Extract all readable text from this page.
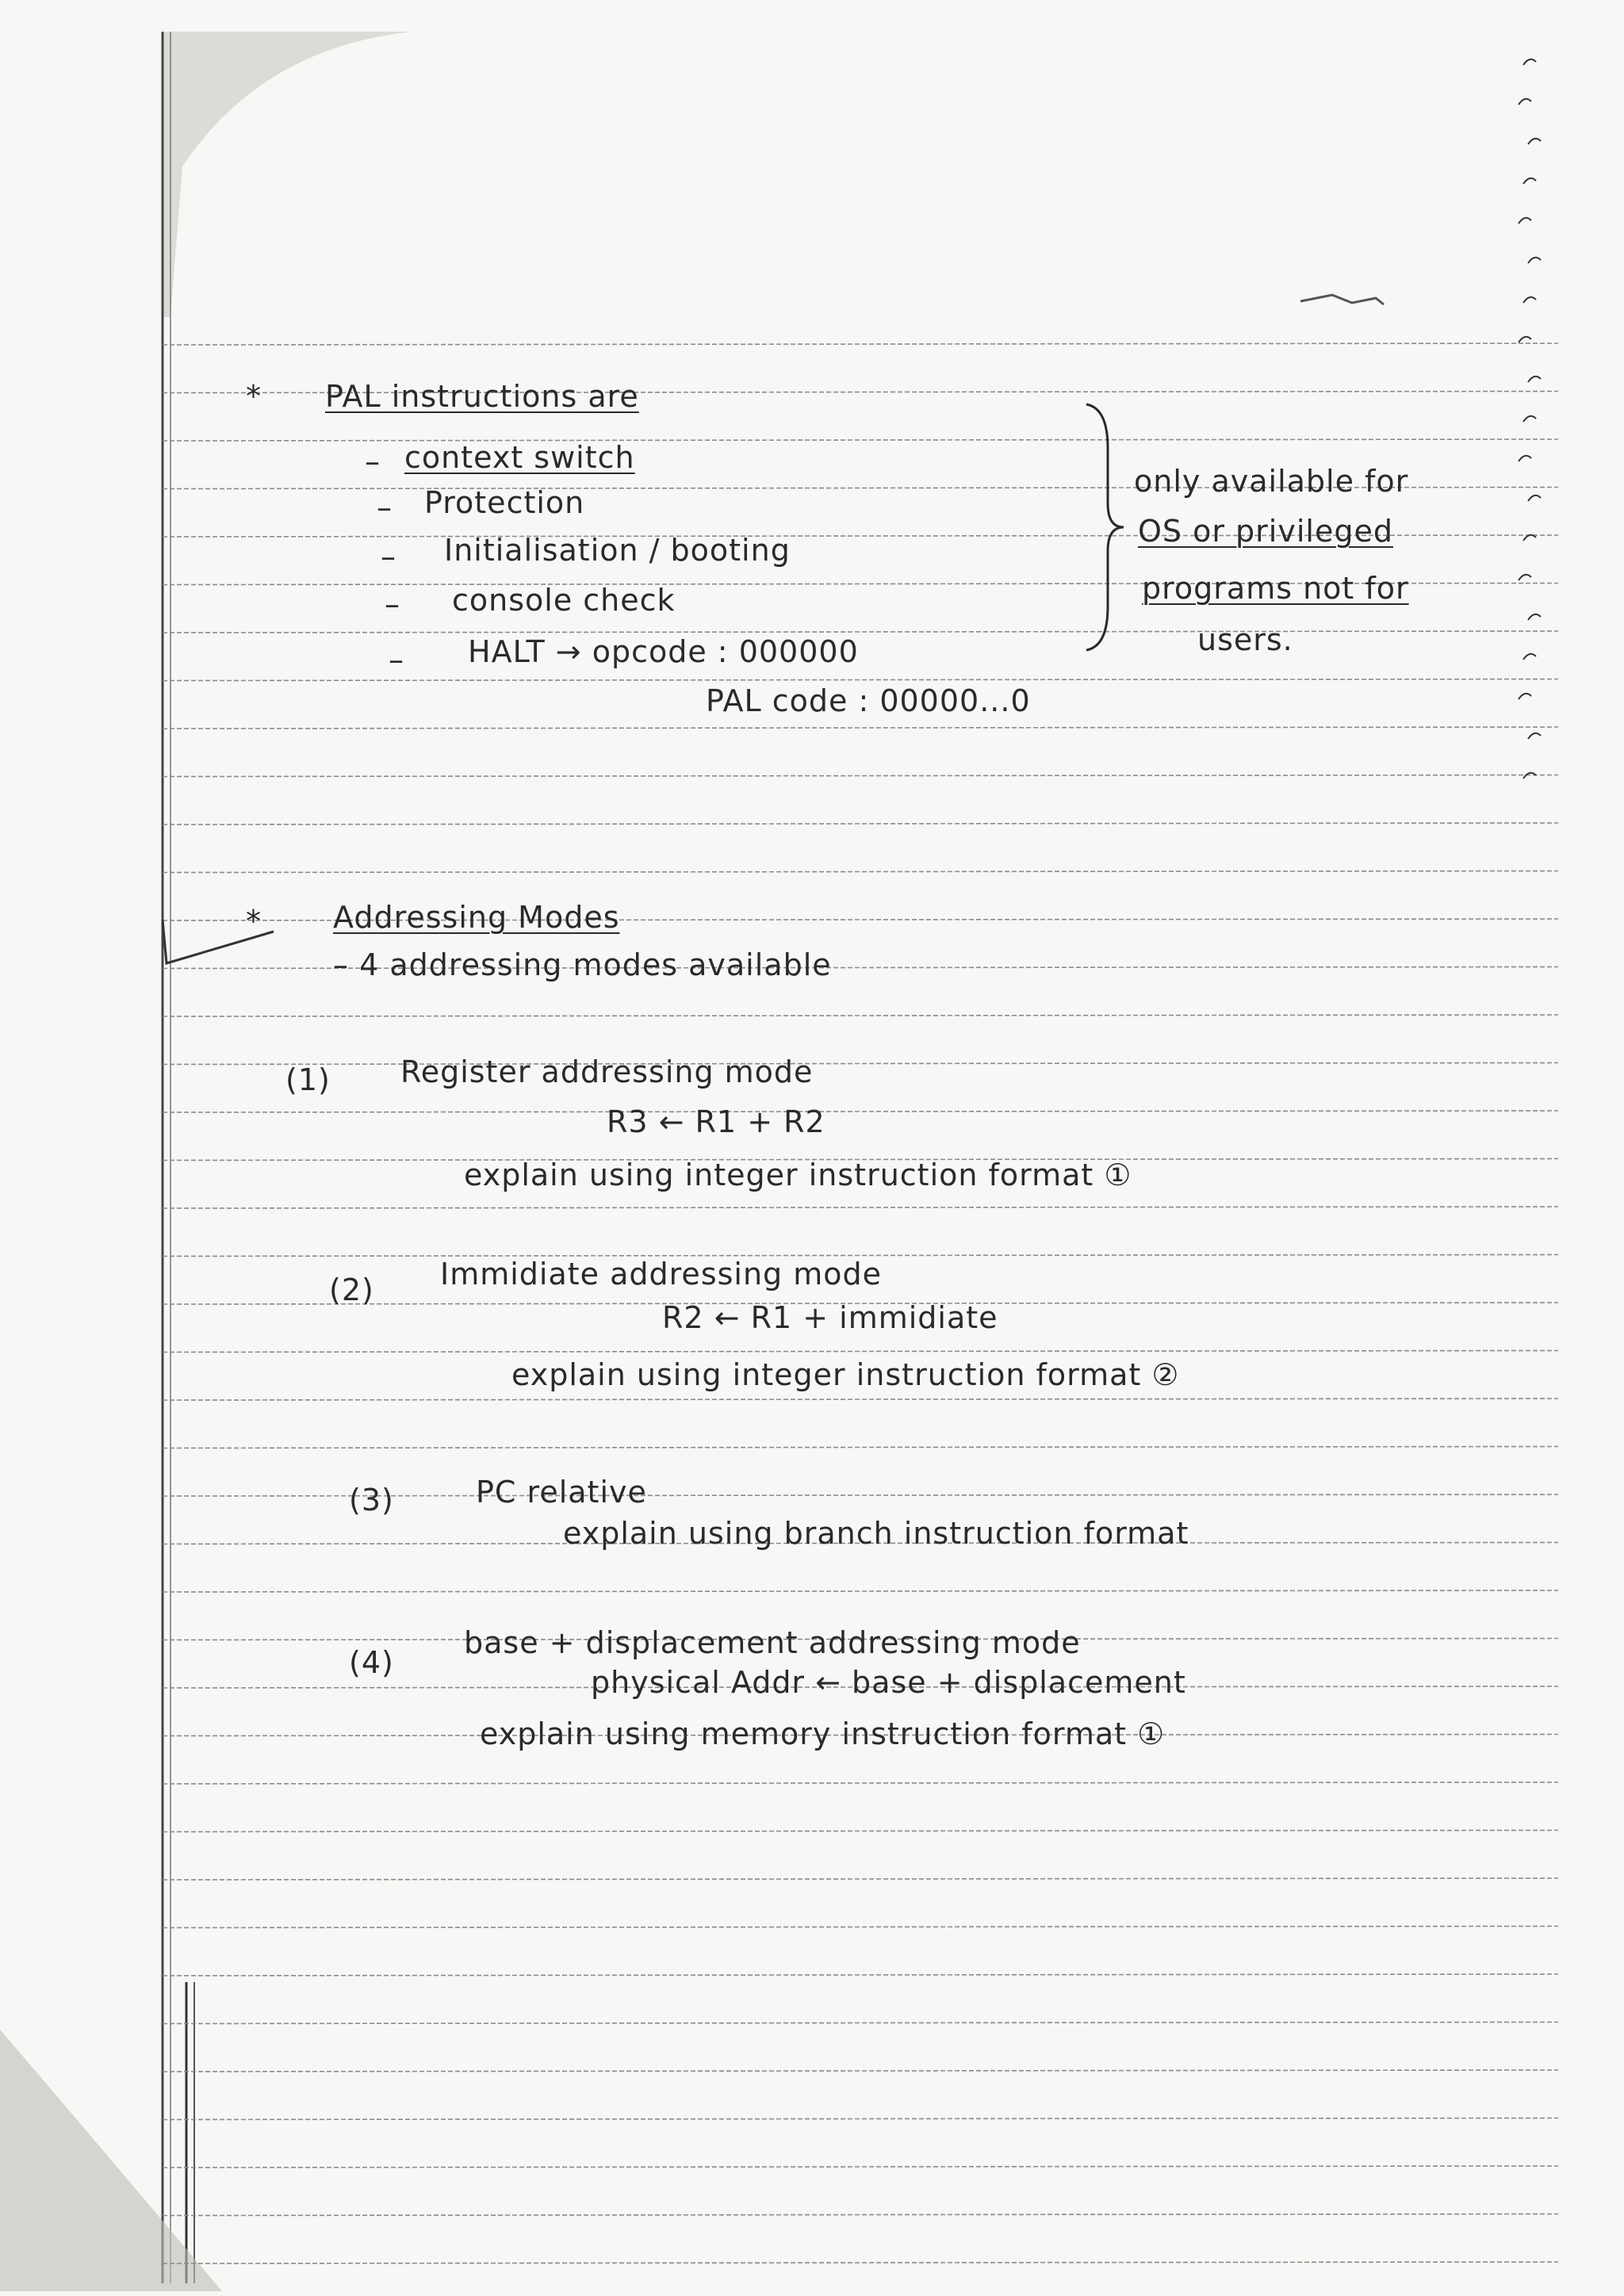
* PAL instructions are
– context switch
– Protection
– Initialisation / booting
– console check
– HALT → opcode : 000000
PAL code : 00000...0
only available for
OS or privileged
programs not for
users.
* Addressing Modes
– 4 addressing modes available
(1) Register addressing mode
R3 ← R1 + R2
explain using integer instruction format ①
(2) Immidiate addressing mode
R2 ← R1 + immidiate
explain using integer instruction format ②
(3)	PC relative
explain using branch instruction format
(4)
base + displacement addressing mode
physical Addr ← base + displacement
explain using memory instruction format ①
